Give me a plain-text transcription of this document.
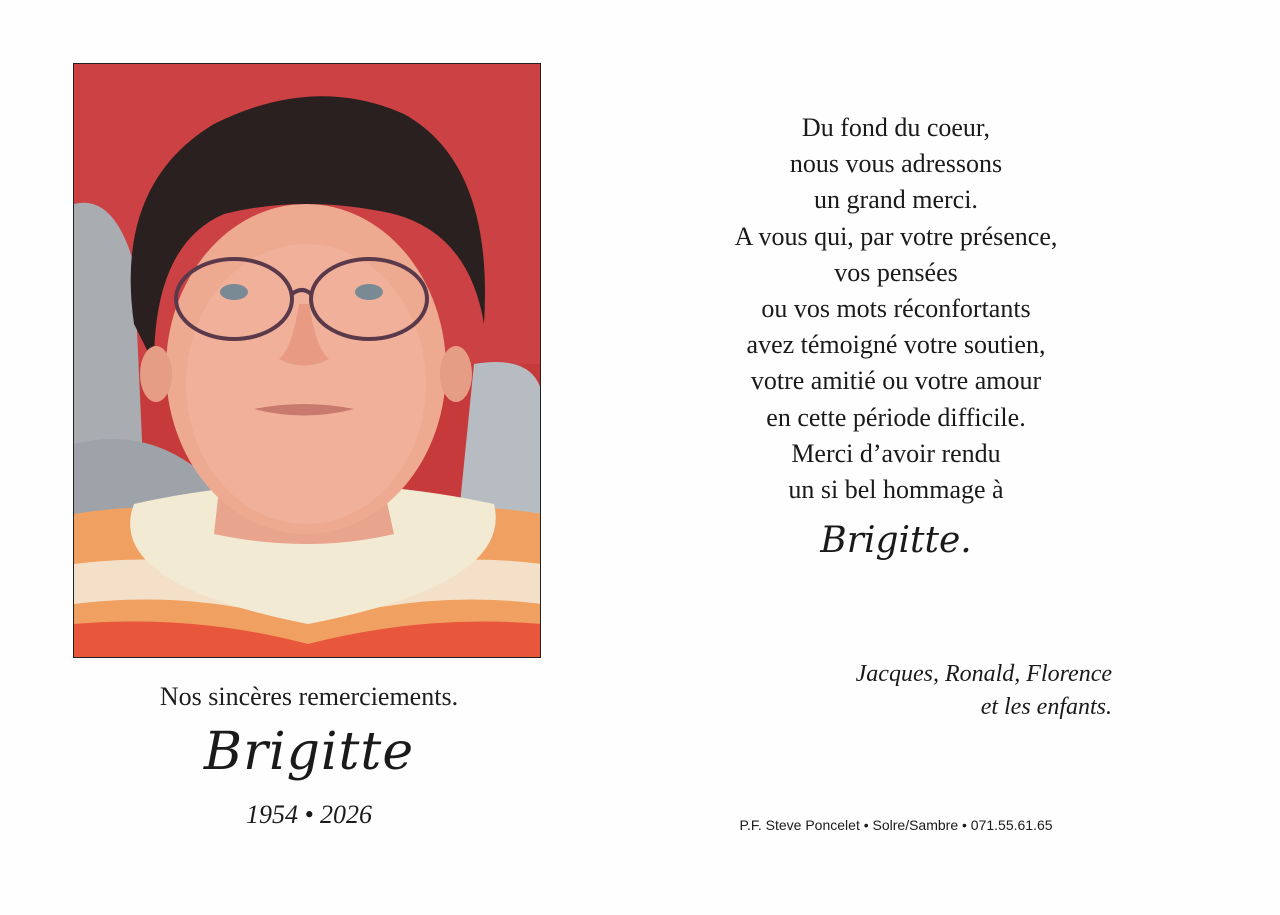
Nos sincères remerciements.
Brigitte
1954 • 2026
Du fond du coeur,
nous vous adressons
un grand merci.
A vous qui, par votre présence,
vos pensées
ou vos mots réconfortants
avez témoigné votre soutien,
votre amitié ou votre amour
en cette période difficile.
Merci d’avoir rendu
un si bel hommage à
Brigitte.
Jacques, Ronald, Florence
et les enfants.
P.F. Steve Poncelet • Solre/Sambre • 071.55.61.65
